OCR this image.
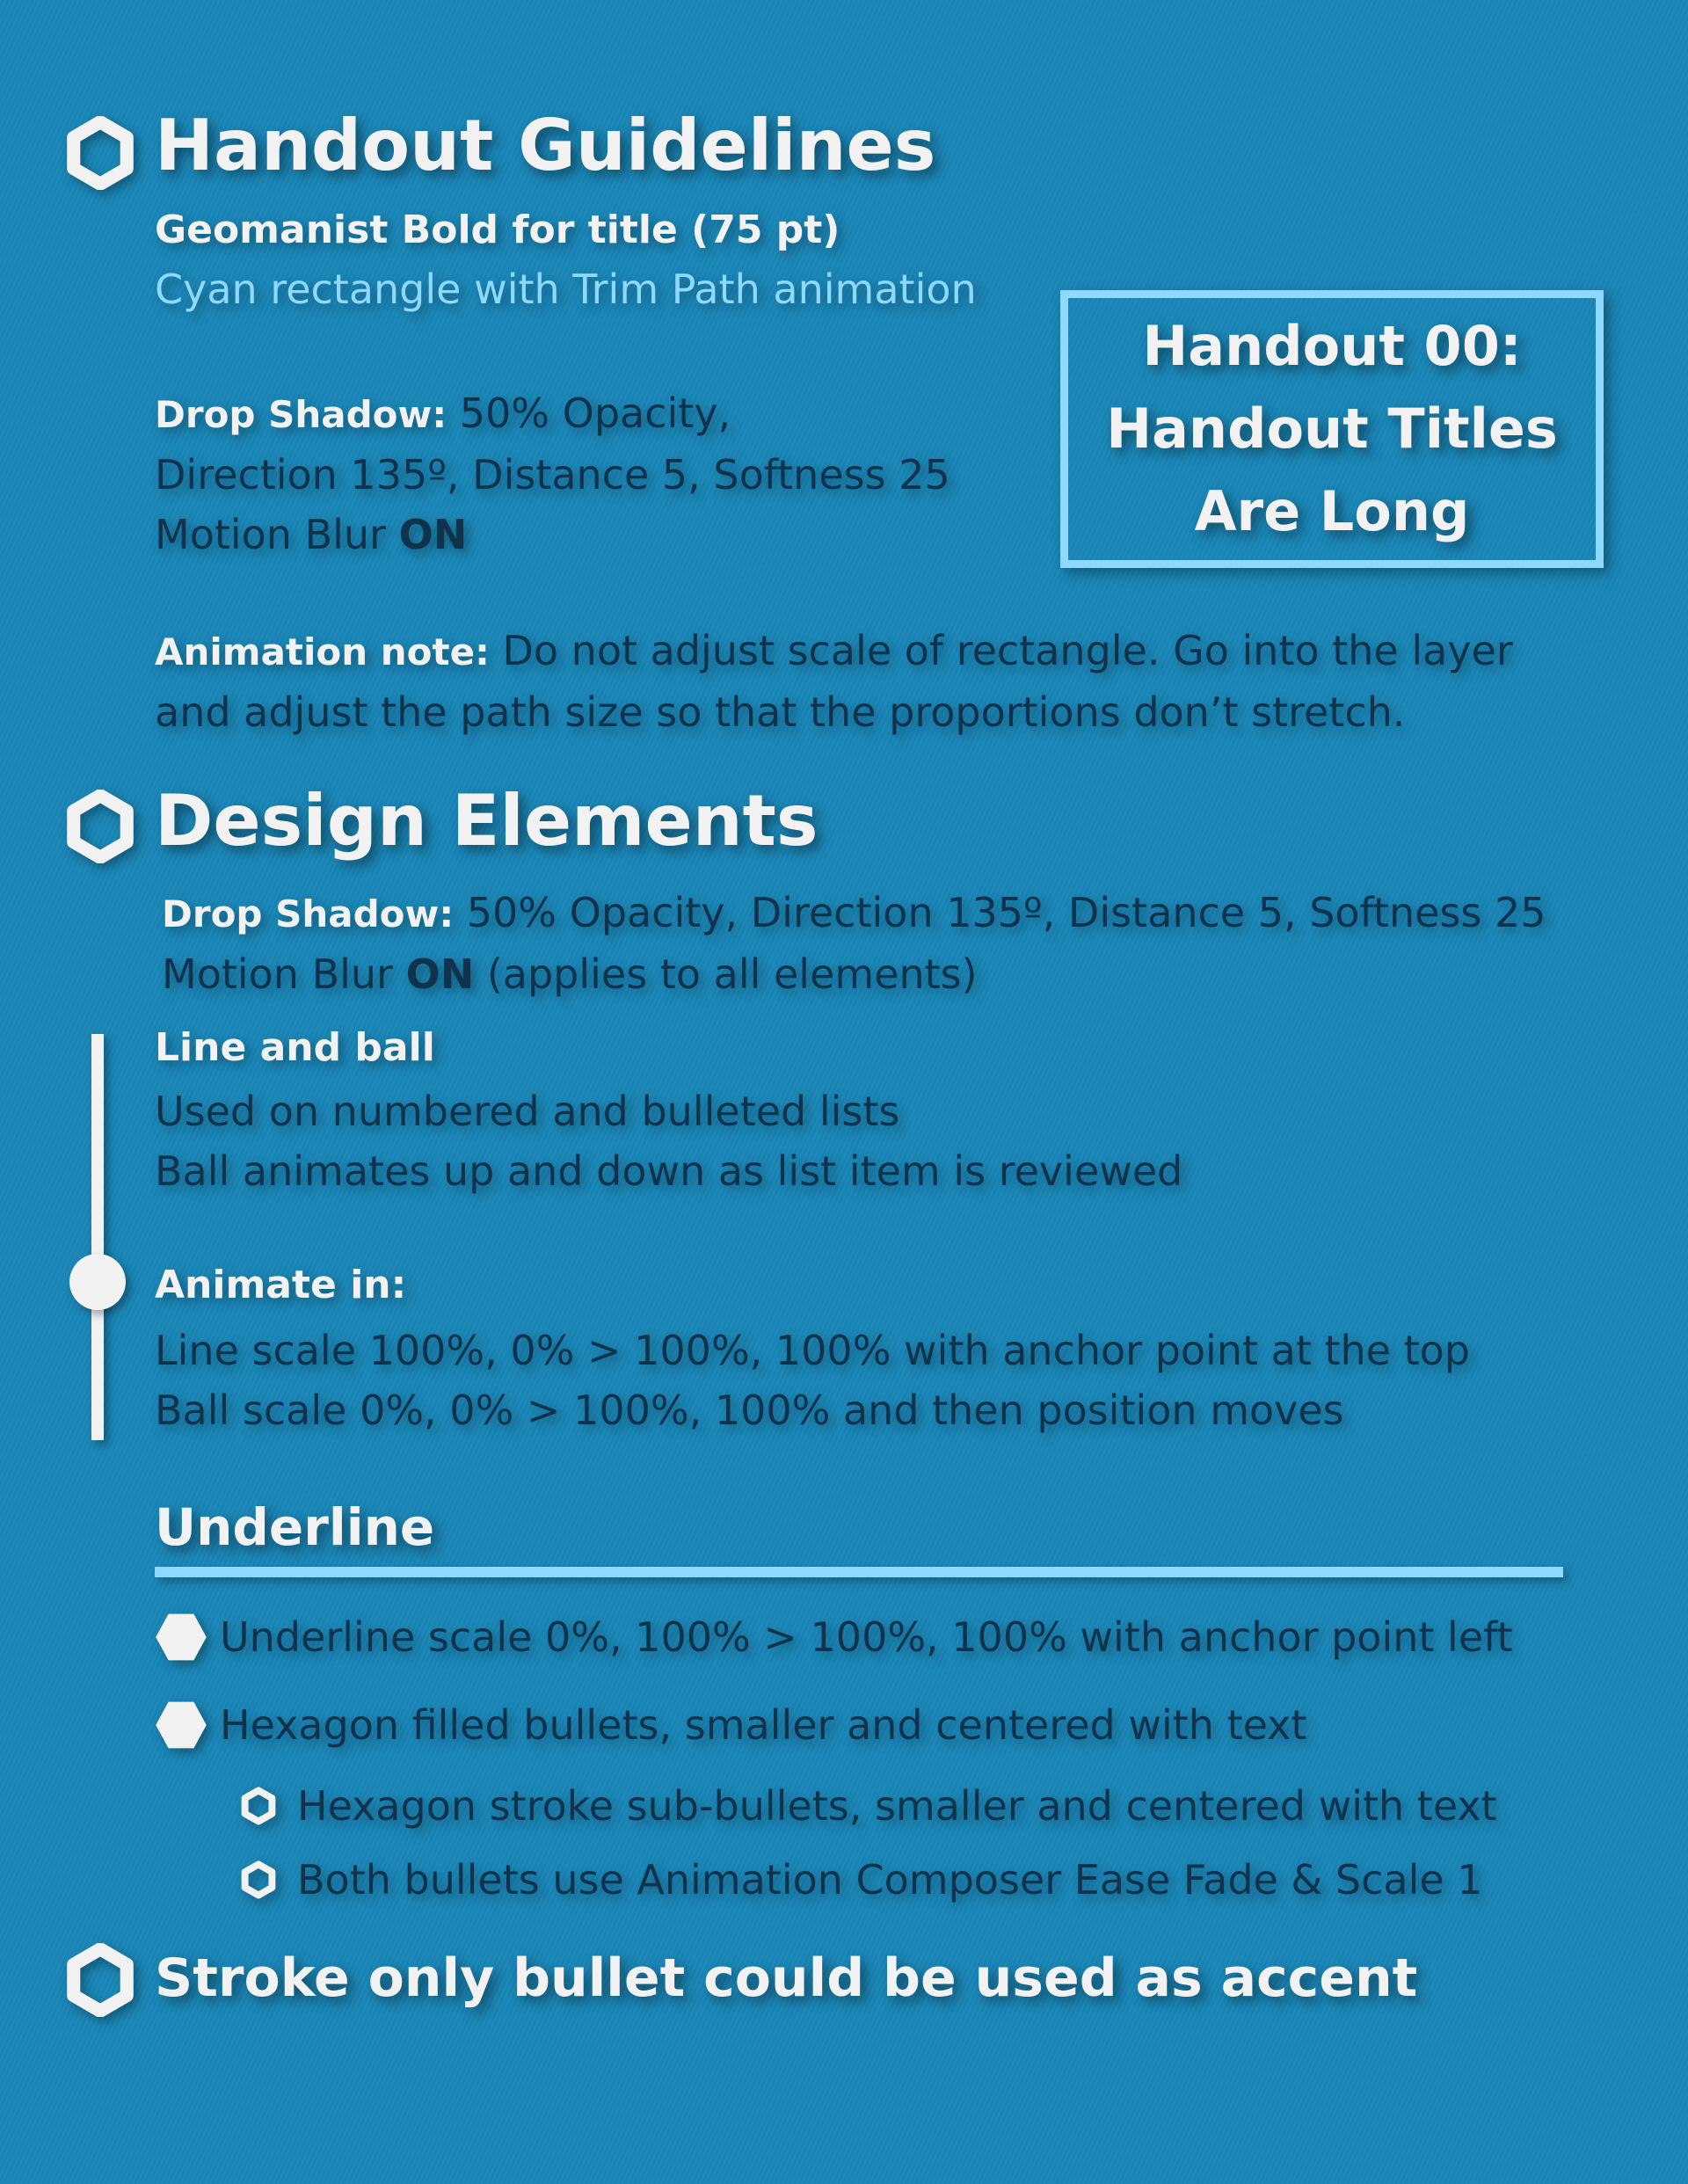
Handout Guidelines
Geomanist Bold for title (75 pt)
Cyan rectangle with Trim Path animation
Drop Shadow: 50% Opacity,
Direction 135º, Distance 5, Softness 25
Motion Blur ON
Animation note: Do not adjust scale of rectangle. Go into the layer
and adjust the path size so that the proportions don’t stretch.
Handout 00:
Handout Titles
Are Long
Design Elements
Drop Shadow: 50% Opacity, Direction 135º, Distance 5, Softness 25
Motion Blur ON (applies to all elements)
Line and ball
Used on numbered and bulleted lists
Ball animates up and down as list item is reviewed
Animate in:
Line scale 100%, 0% > 100%, 100% with anchor point at the top
Ball scale 0%, 0% > 100%, 100% and then position moves
Underline
Underline scale 0%, 100% > 100%, 100% with anchor point left
Hexagon filled bullets, smaller and centered with text
Hexagon stroke sub-bullets, smaller and centered with text
Both bullets use Animation Composer Ease Fade & Scale 1
Stroke only bullet could be used as accent
